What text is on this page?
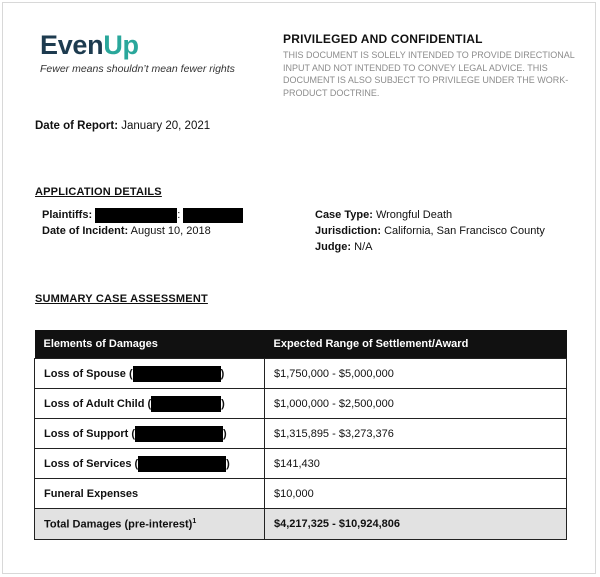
EvenUp
Fewer means shouldn’t mean fewer rights
PRIVILEGED AND CONFIDENTIAL
THIS DOCUMENT IS SOLELY INTENDED TO PROVIDE DIRECTIONAL INPUT AND NOT INTENDED TO CONVEY LEGAL ADVICE. THIS DOCUMENT IS ALSO SUBJECT TO PRIVILEGE UNDER THE WORK-PRODUCT DOCTRINE.
Date of Report: January 20, 2021
APPLICATION DETAILS
Plaintiffs:	:
Date of Incident: August 10, 2018
Case Type: Wrongful Death
Jurisdiction: California, San Francisco County
Judge: N/A
SUMMARY CASE ASSESSMENT
Elements of Damages	Expected Range of Settlement/Award
Loss of Spouse ( )	$1,750,000 - $5,000,000
Loss of Adult Child ( )	$1,000,000 - $2,500,000
Loss of Support ( )	$1,315,895 - $3,273,376
Loss of Services ( )	$141,430
Funeral Expenses	$10,000
Total Damages (pre-interest)$^1$	$4,217,325 - $10,924,806
